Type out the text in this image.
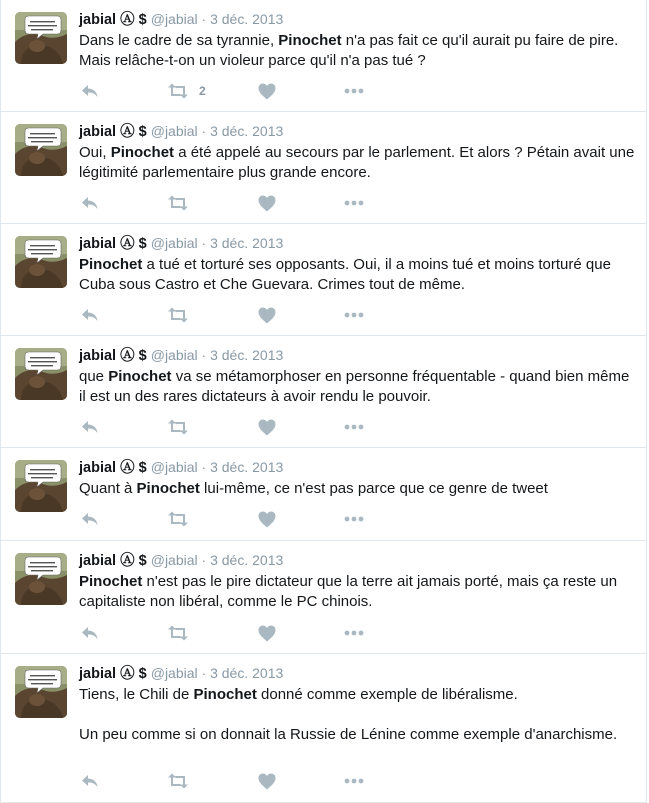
jabial Ⓐ $ @jabial · 3 déc. 2013
Dans le cadre de sa tyrannie, Pinochet n'a pas fait ce qu'il aurait pu faire de pire. Mais relâche-t-on un violeur parce qu'il n'a pas tué ?
2
jabial Ⓐ $ @jabial · 3 déc. 2013
Oui, Pinochet a été appelé au secours par le parlement. Et alors ? Pétain avait une légitimité parlementaire plus grande encore.
jabial Ⓐ $ @jabial · 3 déc. 2013
Pinochet a tué et torturé ses opposants. Oui, il a moins tué et moins torturé que Cuba sous Castro et Che Guevara. Crimes tout de même.
jabial Ⓐ $ @jabial · 3 déc. 2013
que Pinochet va se métamorphoser en personne fréquentable - quand bien même il est un des rares dictateurs à avoir rendu le pouvoir.
jabial Ⓐ $ @jabial · 3 déc. 2013
Quant à Pinochet lui-même, ce n'est pas parce que ce genre de tweet
jabial Ⓐ $ @jabial · 3 déc. 2013
Pinochet n'est pas le pire dictateur que la terre ait jamais porté, mais ça reste un capitaliste non libéral, comme le PC chinois.
jabial Ⓐ $ @jabial · 3 déc. 2013
Tiens, le Chili de Pinochet donné comme exemple de libéralisme.

Un peu comme si on donnait la Russie de Lénine comme exemple d'anarchisme.
